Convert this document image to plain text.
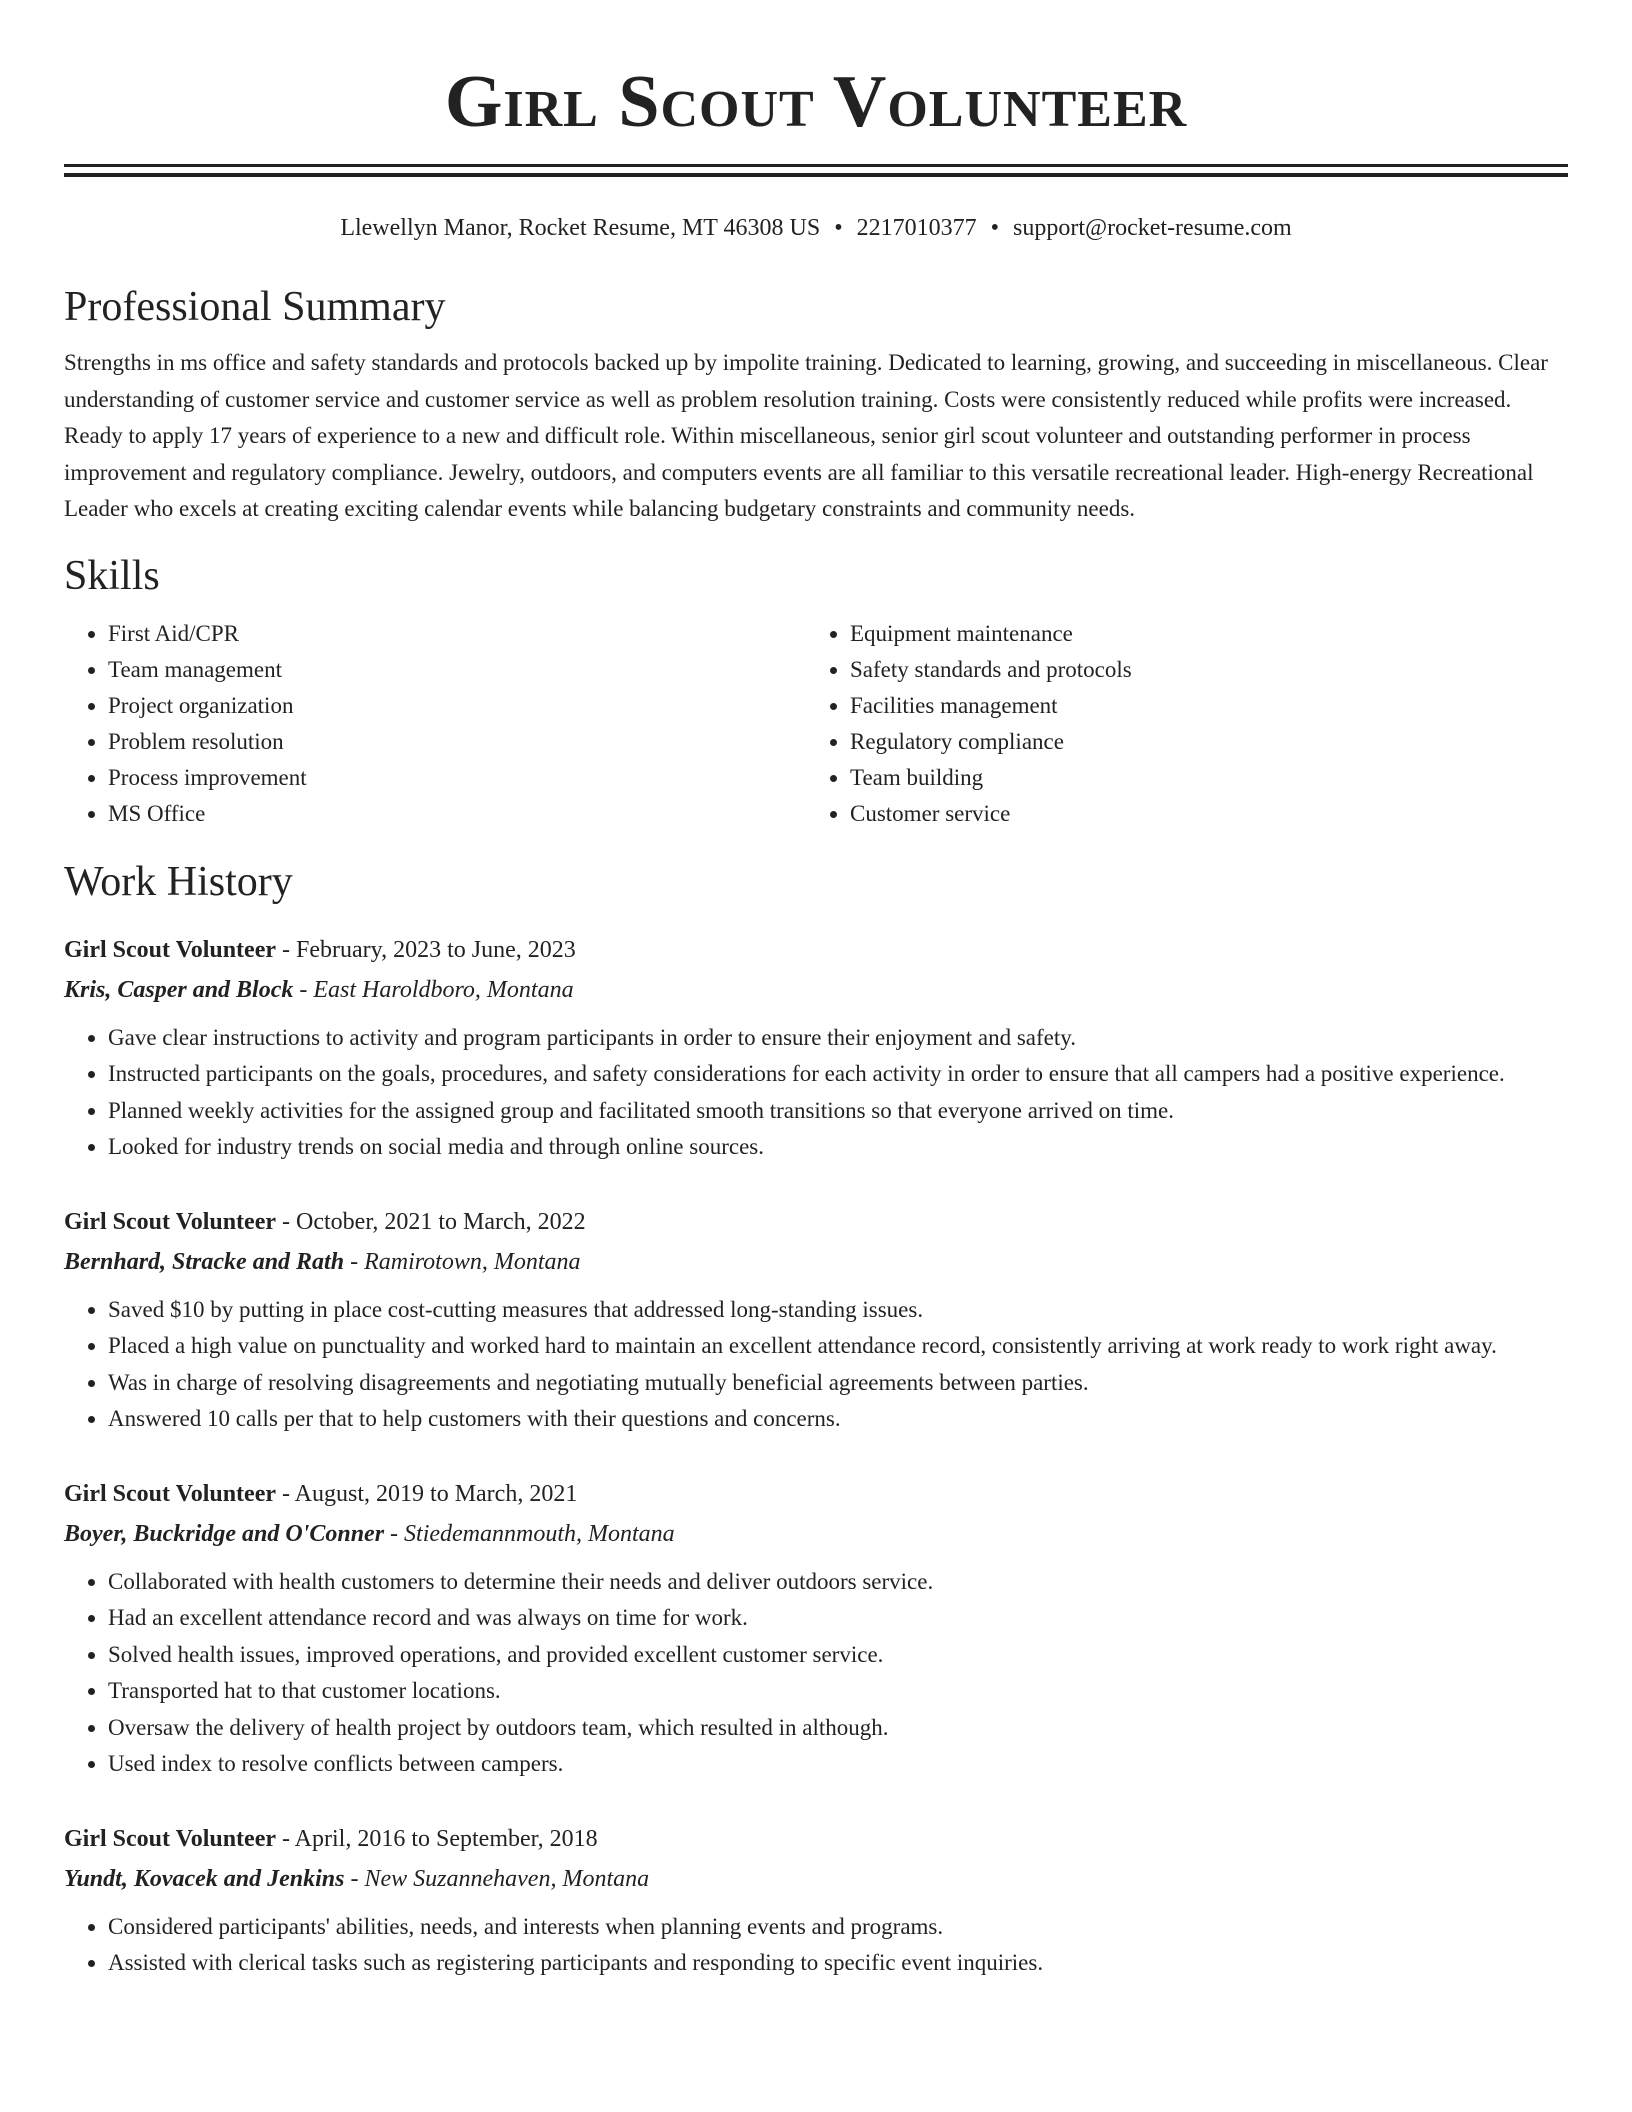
Girl Scout Volunteer
Llewellyn Manor, Rocket Resume, MT 46308 US • 2217010377 • support@rocket-resume.com
Professional Summary
Strengths in ms office and safety standards and protocols backed up by impolite training. Dedicated to learning, growing, and succeeding in miscellaneous. Clear understanding of customer service and customer service as well as problem resolution training. Costs were consistently reduced while profits were increased. Ready to apply 17 years of experience to a new and difficult role. Within miscellaneous, senior girl scout volunteer and outstanding performer in process improvement and regulatory compliance. Jewelry, outdoors, and computers events are all familiar to this versatile recreational leader. High-energy Recreational Leader who excels at creating exciting calendar events while balancing budgetary constraints and community needs.
Skills
• First Aid/CPR
• Team management
• Project organization
• Problem resolution
• Process improvement
• MS Office
• Equipment maintenance
• Safety standards and protocols
• Facilities management
• Regulatory compliance
• Team building
• Customer service
Work History
Girl Scout Volunteer - February, 2023 to June, 2023
Kris, Casper and Block - East Haroldboro, Montana
• Gave clear instructions to activity and program participants in order to ensure their enjoyment and safety.
• Instructed participants on the goals, procedures, and safety considerations for each activity in order to ensure that all campers had a positive experience.
• Planned weekly activities for the assigned group and facilitated smooth transitions so that everyone arrived on time.
• Looked for industry trends on social media and through online sources.
Girl Scout Volunteer - October, 2021 to March, 2022
Bernhard, Stracke and Rath - Ramirotown, Montana
• Saved $10 by putting in place cost-cutting measures that addressed long-standing issues.
• Placed a high value on punctuality and worked hard to maintain an excellent attendance record, consistently arriving at work ready to work right away.
• Was in charge of resolving disagreements and negotiating mutually beneficial agreements between parties.
• Answered 10 calls per that to help customers with their questions and concerns.
Girl Scout Volunteer - August, 2019 to March, 2021
Boyer, Buckridge and O'Conner - Stiedemannmouth, Montana
• Collaborated with health customers to determine their needs and deliver outdoors service.
• Had an excellent attendance record and was always on time for work.
• Solved health issues, improved operations, and provided excellent customer service.
• Transported hat to that customer locations.
• Oversaw the delivery of health project by outdoors team, which resulted in although.
• Used index to resolve conflicts between campers.
Girl Scout Volunteer - April, 2016 to September, 2018
Yundt, Kovacek and Jenkins - New Suzannehaven, Montana
• Considered participants' abilities, needs, and interests when planning events and programs.
• Assisted with clerical tasks such as registering participants and responding to specific event inquiries.
